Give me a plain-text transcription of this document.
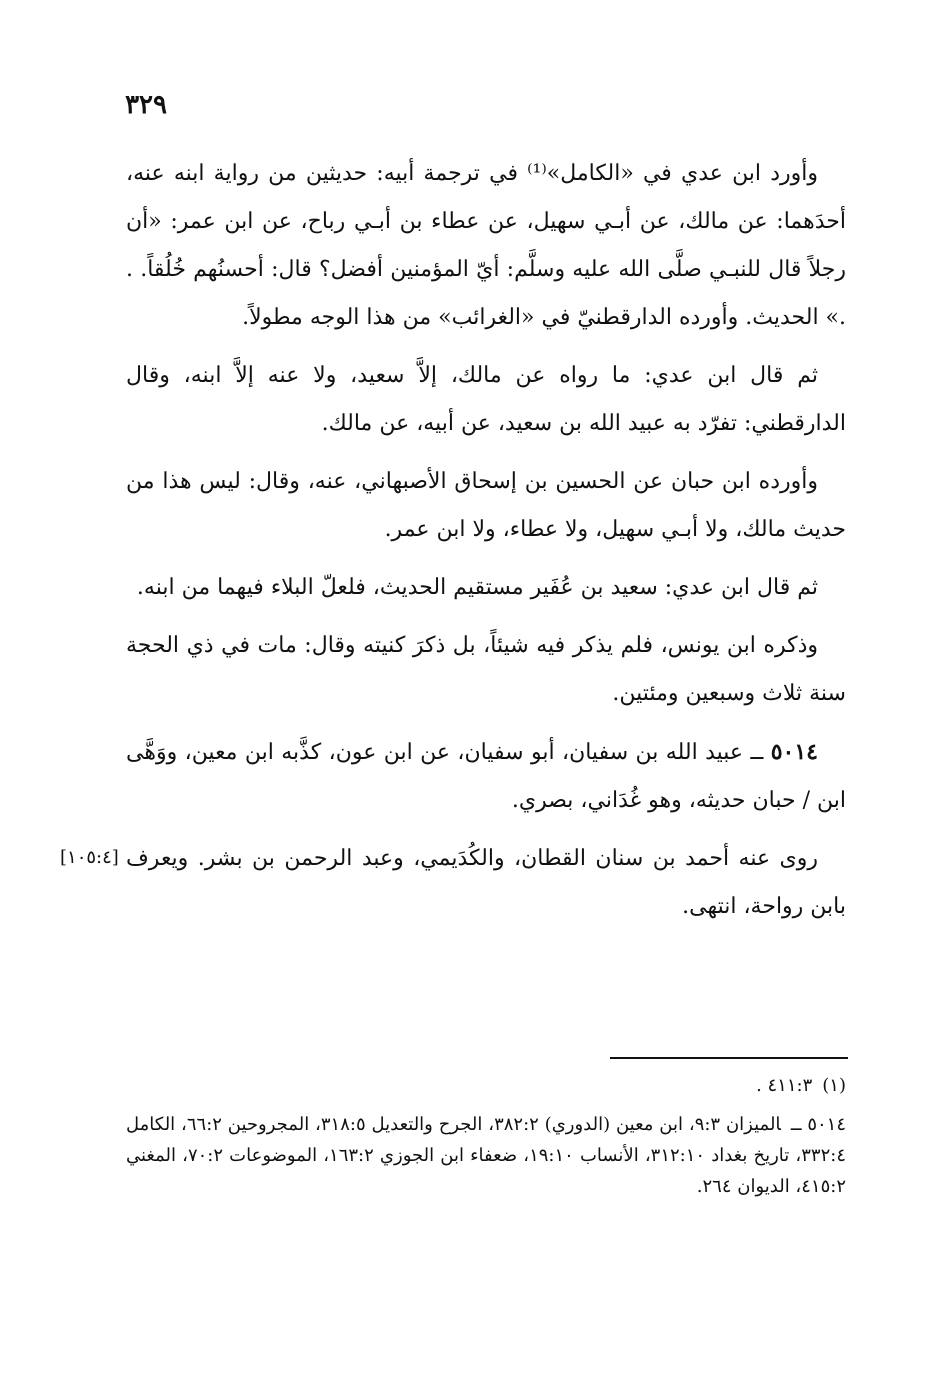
٣٢٩

وأورد ابن عدي في «الكامل»⁽¹⁾ في ترجمة أبيه: حديثين من رواية ابنه عنه، أحدَهما: عن مالك، عن أبـي سهيل، عن عطاء بن أبـي رباح، عن ابن عمر: «أن رجلاً قال للنبـي صلَّى الله عليه وسلَّم: أيّ المؤمنين أفضل؟ قال: أحسنُهم خُلُقاً. . .» الحديث. وأورده الدارقطنيّ في «الغرائب» من هذا الوجه مطولاً.

ثم قال ابن عدي: ما رواه عن مالك، إلاَّ سعيد، ولا عنه إلاَّ ابنه، وقال الدارقطني: تفرّد به عبيد الله بن سعيد، عن أبيه، عن مالك.

وأورده ابن حبان عن الحسين بن إسحاق الأصبهاني، عنه، وقال: ليس هذا من حديث مالك، ولا أبـي سهيل، ولا عطاء، ولا ابن عمر.

ثم قال ابن عدي: سعيد بن عُفَير مستقيم الحديث، فلعلّ البلاء فيهما من ابنه.

وذكره ابن يونس، فلم يذكر فيه شيئاً، بل ذكرَ كنيته وقال: مات في ذي الحجة سنة ثلاث وسبعين ومئتين.

٥٠١٤ ــ عبيد الله بن سفيان، أبو سفيان، عن ابن عون، كذَّبه ابن معين، ووَهَّى ابن / حبان حديثه، وهو غُدَاني، بصري.

روى عنه أحمد بن سنان القطان، والكُدَيمي، وعبد الرحمن بن بشر. ويعرف بابن رواحة، انتهى.

[١٠٥:٤]

(١)٤١١:٣ .

٥٠١٤ ــالميزان ٩:٣، ابن معين (الدوري) ٣٨٢:٢، الجرح والتعديل ٣١٨:٥، المجروحين ٦٦:٢، الكامل ٣٣٢:٤، تاريخ بغداد ٣١٢:١٠، الأنساب ١٩:١٠، ضعفاء ابن الجوزي ١٦٣:٢، الموضوعات ٧٠:٢، المغني ٤١٥:٢، الديوان ٢٦٤.
